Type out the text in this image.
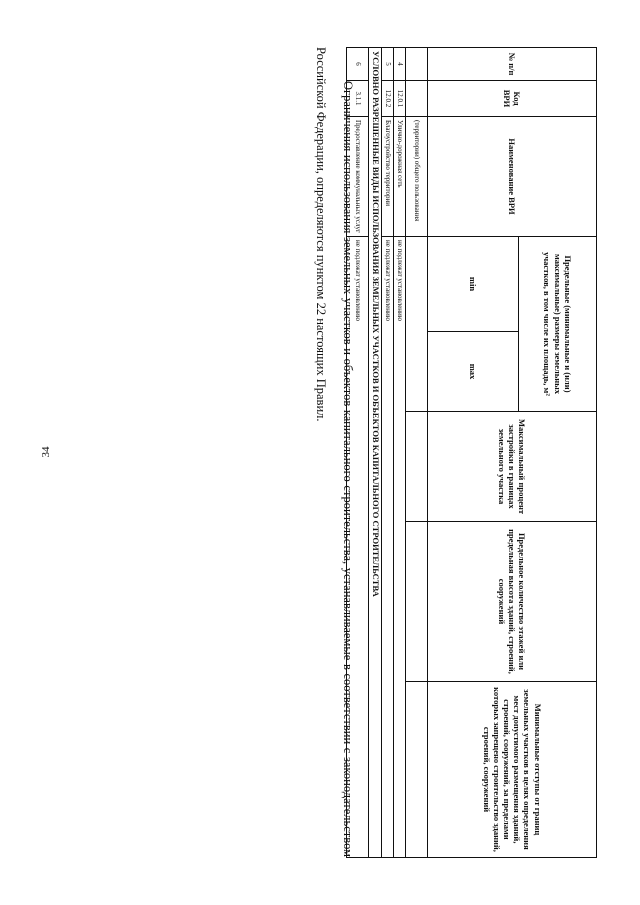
34
№ п/п	Код ВРИ	Наименование ВРИ	Предельные (минимальные и (или) максимальные) размеры земельных участков, в том числе их площадь, м²		Максимальный процент застройки в границах земельного участка	Предельное количество этажей или предельная высота зданий, строений, сооружений	Минимальные отступы от границ земельных участков в целях определения мест допустимого размещения зданий, строений, сооружений, за пределами которых запрещено строительство зданий, строений, сооружений
			min	max			
		(территории) общего пользования					
4	12.0.1	Улично-дорожная сеть	не подлежат установлению				
5	12.0.2	Благоустройство территории	не подлежат установлению				
УСЛОВНО РАЗРЕШЕННЫЕ ВИДЫ ИСПОЛЬЗОВАНИЯ ЗЕМЕЛЬНЫХ УЧАСТКОВ И ОБЪЕКТОВ КАПИТАЛЬНОГО СТРОИТЕЛЬСТВА							
6	3.1.1	Предоставление коммунальных услуг	не подлежат установлению				

Ограничения использования земельных участков и объектов капитального строительства, устанавливаемые в соответствии с законодательством Российской Федерации, определяются пунктом 22 настоящих Правил.
